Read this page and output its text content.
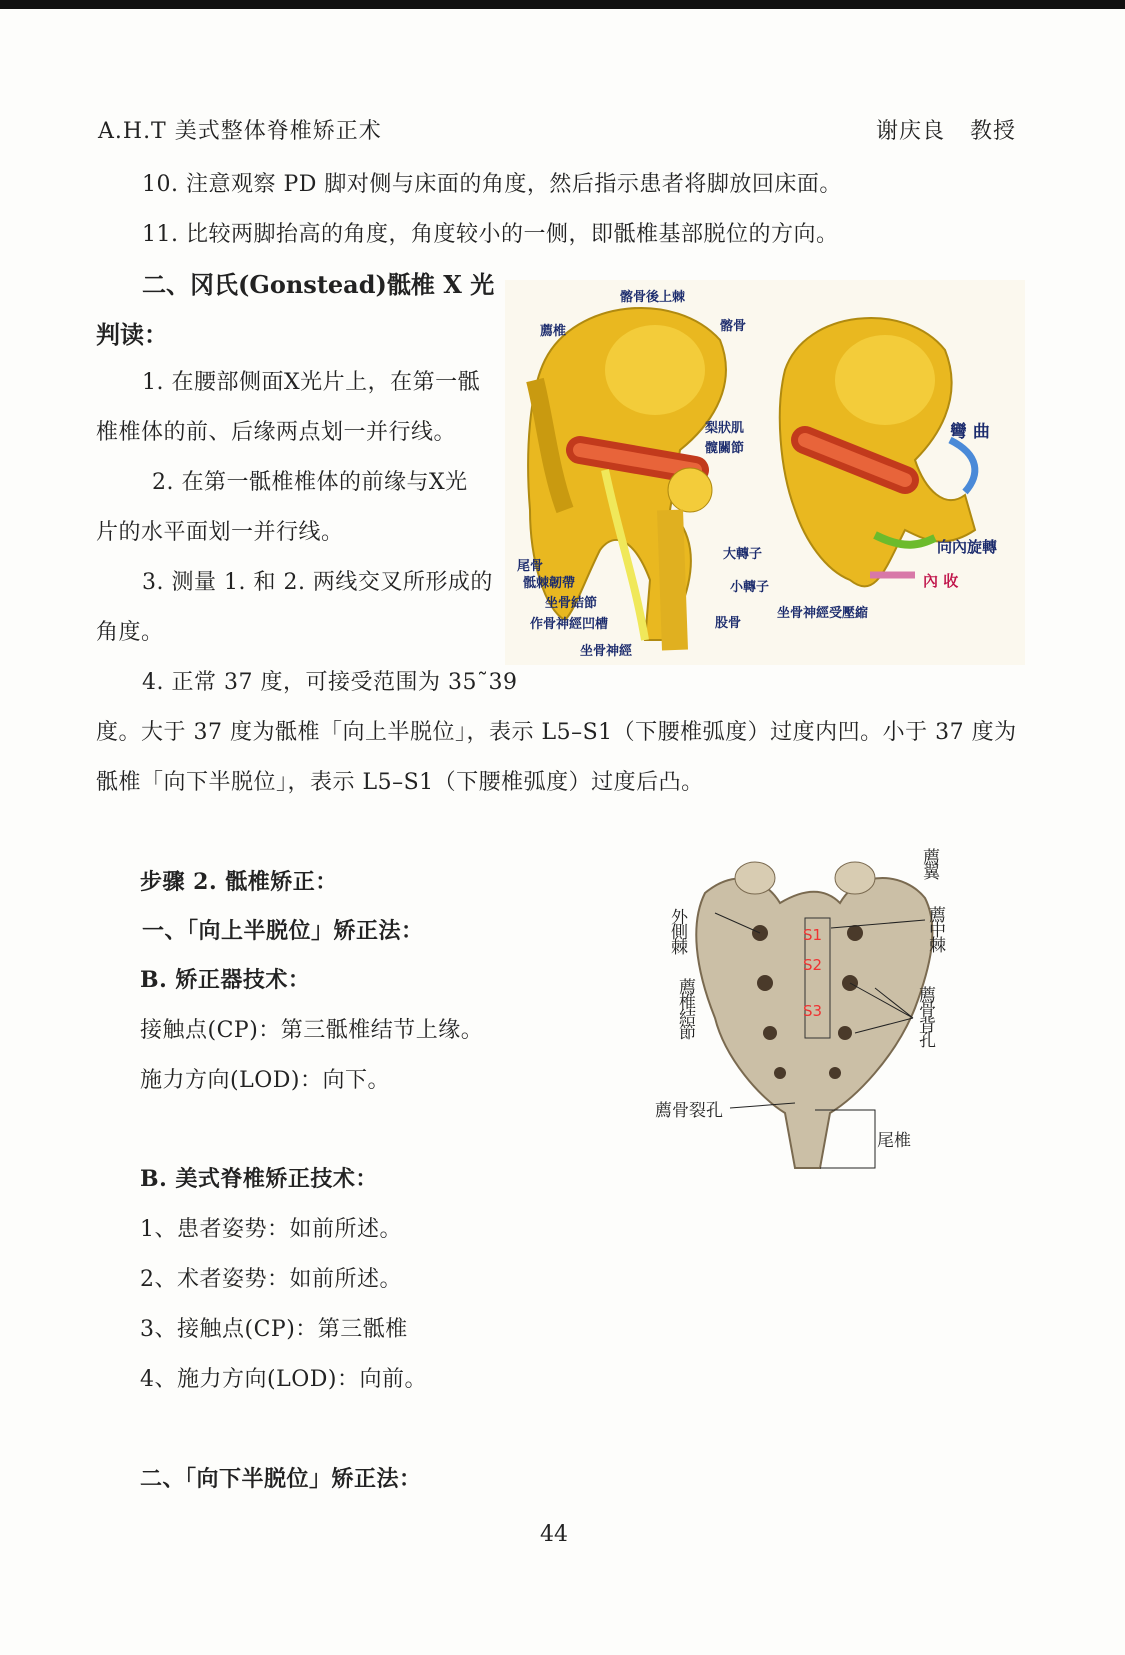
A.H.T 美式整体脊椎矫正术	谢庆良 教授
10. 注意观察 PD 脚对侧与床面的角度，然后指示患者将脚放回床面。
11. 比较两脚抬高的角度，角度较小的一侧，即骶椎基部脱位的方向。
二、冈氏(Gonstead)骶椎 X 光
判读：
1. 在腰部侧面X光片上，在第一骶
椎椎体的前、后缘两点划一并行线。
2. 在第一骶椎椎体的前缘与X光
片的水平面划一并行线。
3. 测量 1. 和 2. 两线交叉所形成的
角度。
4. 正常 37 度，可接受范围为 35˜39
度。大于 37 度为骶椎「向上半脱位」，表示 L5–S1（下腰椎弧度）过度内凹。小于 37 度为
骶椎「向下半脱位」，表示 L5–S1（下腰椎弧度）过度后凸。
髂骨後上棘
薦椎	髂骨
梨狀肌
髋關節
尾骨
骶棘韌帶
坐骨結節
作骨神經凹槽
坐骨神經
大轉子
小轉子
股骨
彎 曲
向內旋轉
內 收
坐骨神經受壓縮
步骤 2. 骶椎矫正：
一、「向上半脱位」矫正法：
B. 矫正器技术：
接触点(CP)：第三骶椎结节上缘。
施力方向(LOD)：向下。
B. 美式脊椎矫正技术：
1、患者姿势：如前所述。
2、术者姿势：如前所述。
3、接触点(CP)：第三骶椎
4、施力方向(LOD)：向前。
二、「向下半脱位」矫正法：
S1
S2
S3
薦翼
外側棘	薦中棘
薦椎結節	薦骨背孔
薦骨裂孔
尾椎
44
